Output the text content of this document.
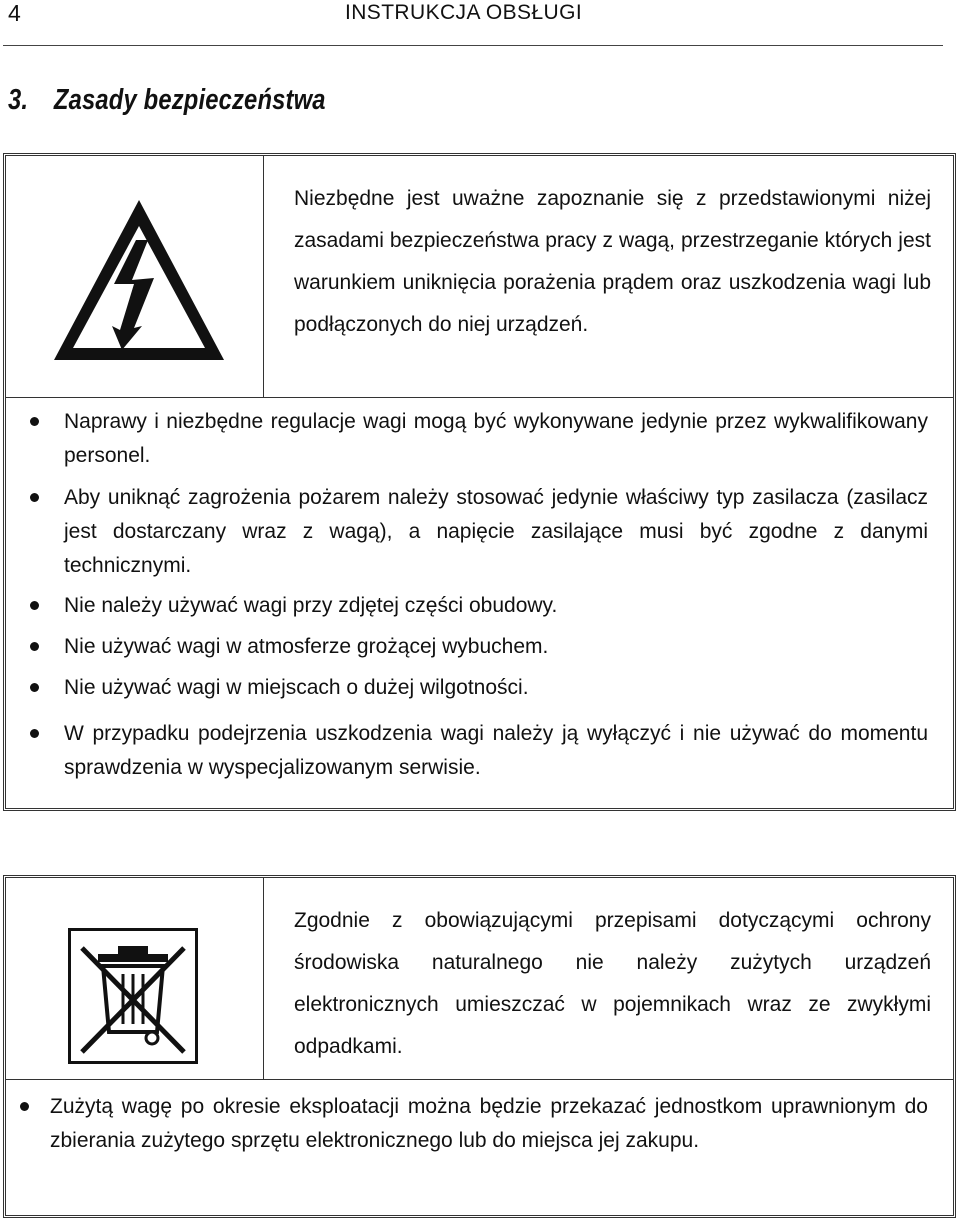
4	INSTRUKCJA OBSŁUGI
3. Zasady bezpieczeństwa
Niezbędne jest uważne zapoznanie się z przedstawionymi niżej zasadami bezpieczeństwa pracy z wagą, przestrzeganie których jest warunkiem uniknięcia porażenia prądem oraz uszkodzenia wagi lub podłączonych do niej urządzeń.
Naprawy i niezbędne regulacje wagi mogą być wykonywane jedynie przez wykwalifikowany personel.
Aby uniknąć zagrożenia pożarem należy stosować jedynie właściwy typ zasilacza (zasilacz jest dostarczany wraz z wagą), a napięcie zasilające musi być zgodne z danymi technicznymi.
Nie należy używać wagi przy zdjętej części obudowy.
Nie używać wagi w atmosferze grożącej wybuchem.
Nie używać wagi w miejscach o dużej wilgotności.
W przypadku podejrzenia uszkodzenia wagi należy ją wyłączyć i nie używać do momentu sprawdzenia w wyspecjalizowanym serwisie.
Zgodnie z obowiązującymi przepisami dotyczącymi ochrony środowiska naturalnego nie należy zużytych urządzeń elektronicznych umieszczać w pojemnikach wraz ze zwykłymi odpadkami.
Zużytą wagę po okresie eksploatacji można będzie przekazać jednostkom uprawnionym do zbierania zużytego sprzętu elektronicznego lub do miejsca jej zakupu.
